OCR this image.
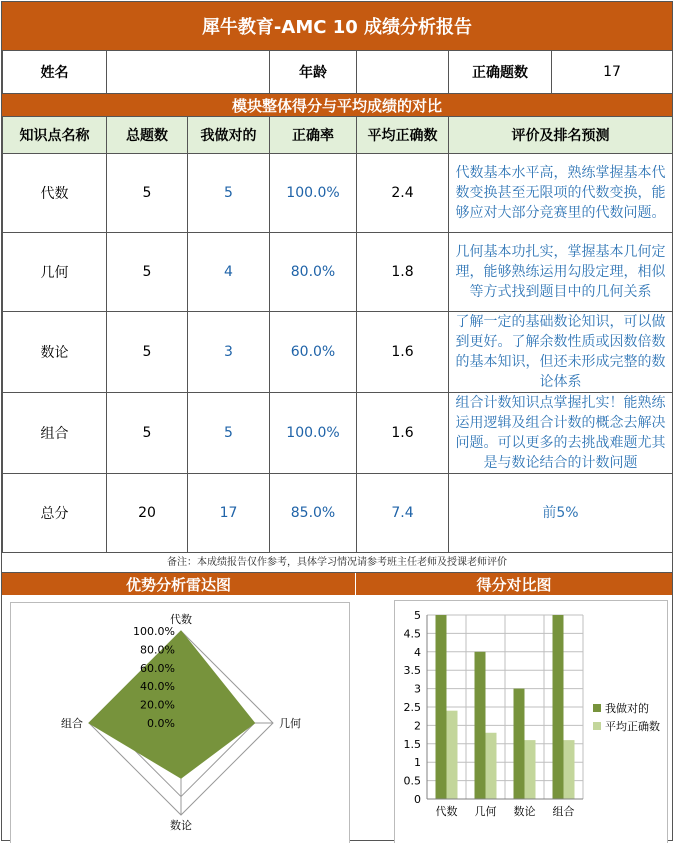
犀牛教育-AMC 10 成绩分析报告
姓名		年龄		正确题数	17
模块整体得分与平均成绩的对比
知识点名称	总题数	我做对的	正确率	平均正确数	评价及排名预测
代数	5	5	100.0%	2.4	代数基本水平高，熟练掌握基本代数变换甚至无限项的代数变换，能够应对大部分竞赛里的代数问题。
几何	5	4	80.0%	1.8	几何基本功扎实，掌握基本几何定理，能够熟练运用勾股定理，相似等方式找到题目中的几何关系
数论	5	3	60.0%	1.6	了解一定的基础数论知识，可以做到更好。了解余数性质或因数倍数的基本知识，但还未形成完整的数论体系
组合	5	5	100.0%	1.6	组合计数知识点掌握扎实！能熟练运用逻辑及组合计数的概念去解决问题。可以更多的去挑战难题尤其是与数论结合的计数问题
总分	20	17	85.0%	7.4	前5%
备注：本成绩报告仅作参考，具体学习情况请参考班主任老师及授课老师评价
优势分析雷达图	得分对比图
0.0%
20.0%
40.0%
60.0%
80.0%
100.0%
代数
几何
数论
组合
0
0.5
1
1.5
2
2.5
3
3.5
4
4.5
5
代数 几何 数论 组合
我做对的
平均正确数
